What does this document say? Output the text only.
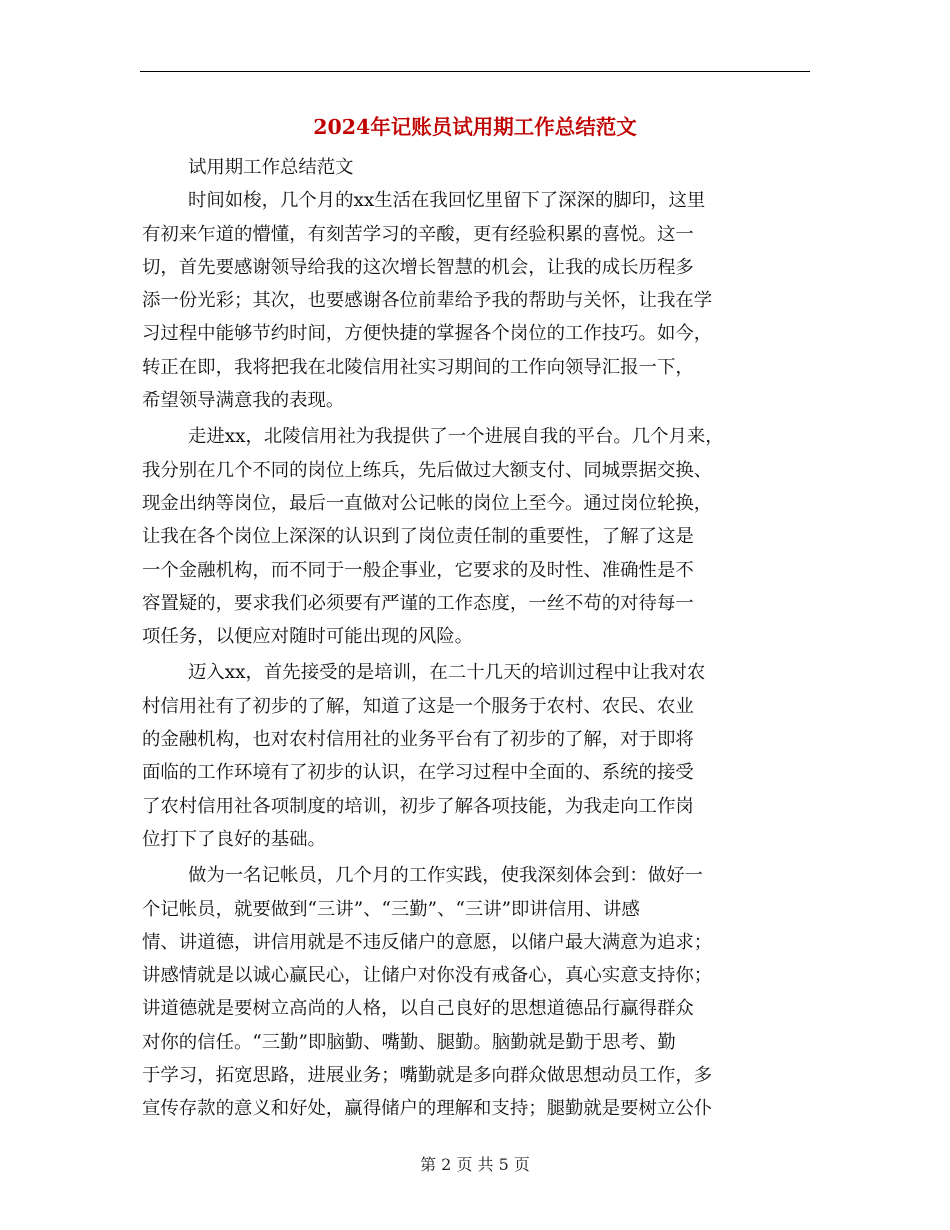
2024年记账员试用期工作总结范文
试用期工作总结范文
时间如梭，几个月的xx生活在我回忆里留下了深深的脚印，这里
有初来乍道的懵懂，有刻苦学习的辛酸，更有经验积累的喜悦。这一
切，首先要感谢领导给我的这次增长智慧的机会，让我的成长历程多
添一份光彩；其次，也要感谢各位前辈给予我的帮助与关怀，让我在学
习过程中能够节约时间，方便快捷的掌握各个岗位的工作技巧。如今，
转正在即，我将把我在北陵信用社实习期间的工作向领导汇报一下，
希望领导满意我的表现。
走进xx，北陵信用社为我提供了一个进展自我的平台。几个月来，
我分别在几个不同的岗位上练兵，先后做过大额支付、同城票据交换、
现金出纳等岗位，最后一直做对公记帐的岗位上至今。通过岗位轮换，
让我在各个岗位上深深的认识到了岗位责任制的重要性，了解了这是
一个金融机构，而不同于一般企事业，它要求的及时性、准确性是不
容置疑的，要求我们必须要有严谨的工作态度，一丝不苟的对待每一
项任务，以便应对随时可能出现的风险。
迈入xx，首先接受的是培训，在二十几天的培训过程中让我对农
村信用社有了初步的了解，知道了这是一个服务于农村、农民、农业
的金融机构，也对农村信用社的业务平台有了初步的了解，对于即将
面临的工作环境有了初步的认识，在学习过程中全面的、系统的接受
了农村信用社各项制度的培训，初步了解各项技能，为我走向工作岗
位打下了良好的基础。
做为一名记帐员，几个月的工作实践，使我深刻体会到：做好一
个记帐员，就要做到“三讲”、“三勤”、“三讲”即讲信用、讲感
情、讲道德，讲信用就是不违反储户的意愿，以储户最大满意为追求；
讲感情就是以诚心赢民心，让储户对你没有戒备心，真心实意支持你；
讲道德就是要树立高尚的人格，以自己良好的思想道德品行赢得群众
对你的信任。“三勤”即脑勤、嘴勤、腿勤。脑勤就是勤于思考、勤
于学习，拓宽思路，进展业务；嘴勤就是多向群众做思想动员工作，多
宣传存款的意义和好处，赢得储户的理解和支持；腿勤就是要树立公仆
第 2 页 共 5 页
